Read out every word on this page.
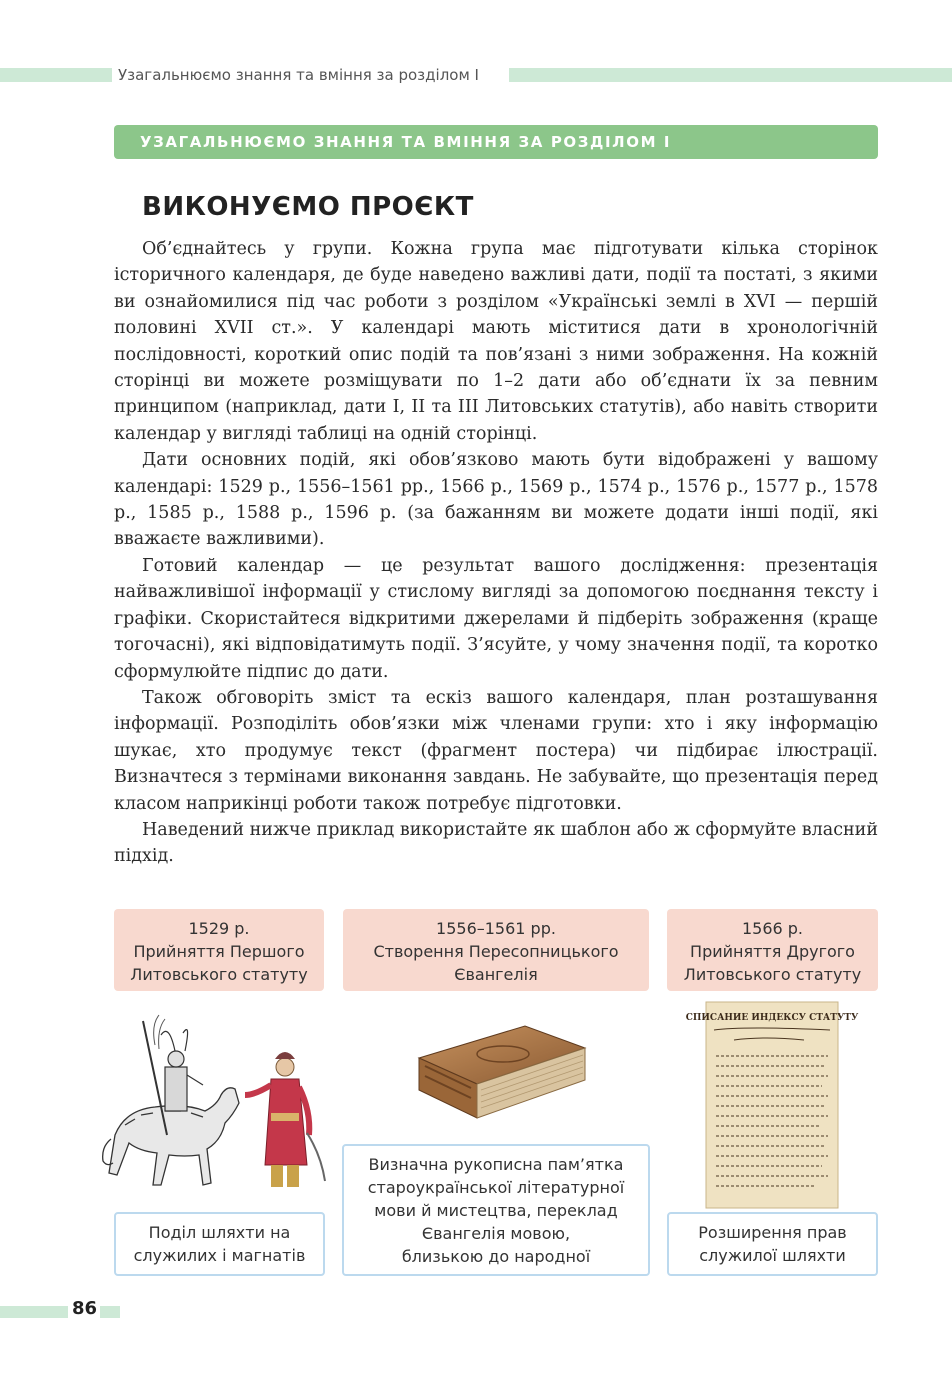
Узагальнюємо знання та вміння за розділом I
УЗАГАЛЬНЮЄМО ЗНАННЯ ТА ВМІННЯ ЗА РОЗДІЛОМ I
ВИКОНУЄМО ПРОЄКТ

Об’єднайтесь у групи. Кожна група має підготувати кілька сторінок історичного календаря, де буде наведено важливі дати, події та постаті, з якими ви ознайомилися під час роботи з розділом «Українські землі в XVI — першій половині XVII ст.». У календарі мають міститися дати в хронологічній послідовності, короткий опис подій та пов’язані з ними зображення. На кожній сторінці ви можете розміщувати по 1–2 дати або об’єднати їх за певним принципом (наприклад, дати I, II та III Литовських статутів), або навіть створити календар у вигляді таблиці на одній сторінці.

Дати основних подій, які обов’язково мають бути відображені у вашому календарі: 1529 р., 1556–1561 рр., 1566 р., 1569 р., 1574 р., 1576 р., 1577 р., 1578 р., 1585 р., 1588 р., 1596 р. (за бажанням ви можете додати інші події, які вважаєте важливими).

Готовий календар — це результат вашого дослідження: презентація найважливішої інформації у стислому вигляді за допомогою поєднання тексту і графіки. Скористайтеся відкритими джерелами й підберіть зображення (краще тогочасні), які відповідатимуть події. З’ясуйте, у чому значення події, та коротко сформулюйте підпис до дати.

Також обговоріть зміст та ескіз вашого календаря, план розташування інформації. Розподіліть обов’язки між членами групи: хто і яку інформацію шукає, хто продумує текст (фрагмент постера) чи підбирає ілюстрації. Визначтеся з термінами виконання завдань. Не забувайте, що презентація перед класом наприкінці роботи також потребує підготовки.

Наведений нижче приклад використайте як шаблон або ж сформуйте власний підхід.

1529 р.
Прийняття Першого
Литовського статуту
1556–1561 рр.
Створення Пересопницького
Євангелія
1566 р.
Прийняття Другого
Литовського статуту
СПИСАНИЕ ИНДЕКСУ СТАТУТУ
Поділ шляхти на
служилих і магнатів
Визначна рукописна пам’ятка
староукраїнської літературної
мови й мистецтва, переклад
Євангелія мовою,
близькою до народної
Розширення прав
служилої шляхти
86
